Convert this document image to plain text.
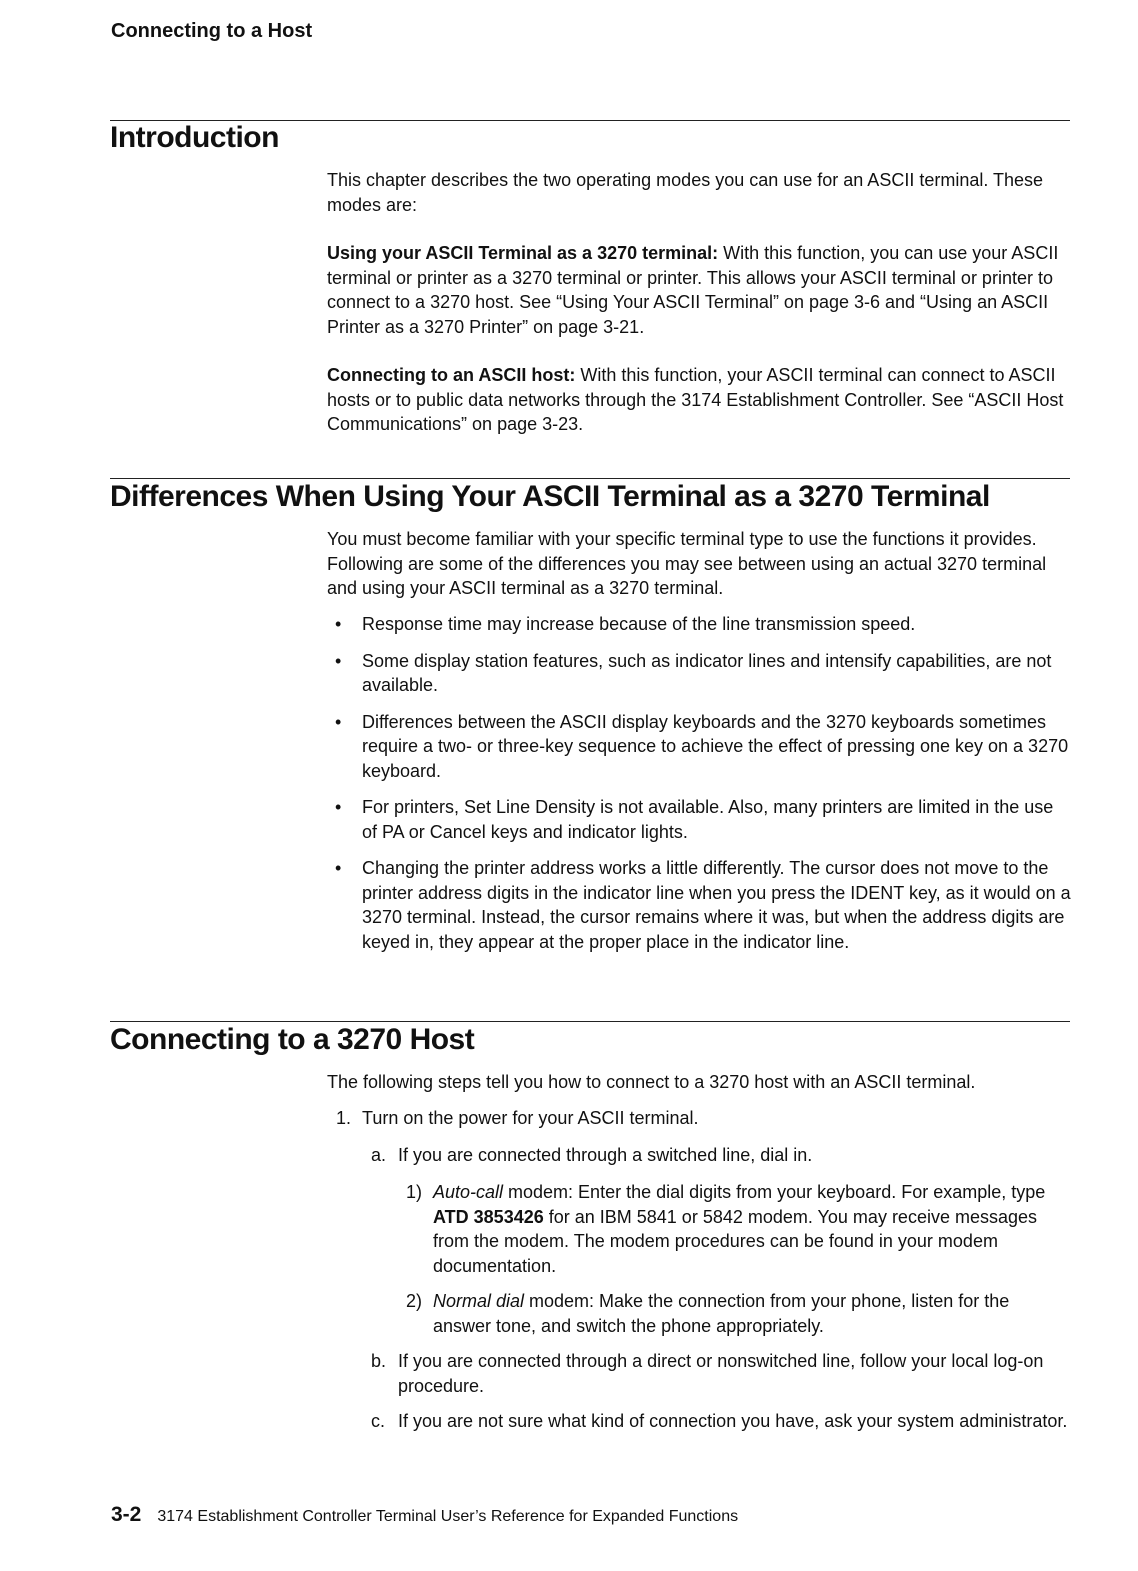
Connecting to a Host
Introduction

This chapter describes the two operating modes you can use for an ASCII terminal. These modes are:

Using your ASCII Terminal as a 3270 terminal: With this function, you can use your ASCII terminal or printer as a 3270 terminal or printer. This allows your ASCII terminal or printer to connect to a 3270 host. See “Using Your ASCII Terminal” on page 3-6 and “Using an ASCII Printer as a 3270 Printer” on page 3-21.

Connecting to an ASCII host: With this function, your ASCII terminal can connect to ASCII hosts or to public data networks through the 3174 Establishment Controller. See “ASCII Host Communications” on page 3-23.

Differences When Using Your ASCII Terminal as a 3270 Terminal
You must become familiar with your specific terminal type to use the functions it provides. Following are some of the differences you may see between using an actual 3270 terminal and using your ASCII terminal as a 3270 terminal.
• Response time may increase because of the line transmission speed.
• Some display station features, such as indicator lines and intensify capabilities, are not available.
• Differences between the ASCII display keyboards and the 3270 keyboards sometimes require a two- or three-key sequence to achieve the effect of pressing one key on a 3270 keyboard.
• For printers, Set Line Density is not available. Also, many printers are limited in the use of PA or Cancel keys and indicator lights.
• Changing the printer address works a little differently. The cursor does not move to the printer address digits in the indicator line when you press the IDENT key, as it would on a 3270 terminal. Instead, the cursor remains where it was, but when the address digits are keyed in, they appear at the proper place in the indicator line.
Connecting to a 3270 Host
The following steps tell you how to connect to a 3270 host with an ASCII terminal.
1. Turn on the power for your ASCII terminal.
a. If you are connected through a switched line, dial in.
1) Auto-call modem: Enter the dial digits from your keyboard. For example, type ATD 3853426 for an IBM 5841 or 5842 modem. You may receive messages from the modem. The modem procedures can be found in your modem documentation.
2) Normal dial modem: Make the connection from your phone, listen for the answer tone, and switch the phone appropriately.
b. If you are connected through a direct or nonswitched line, follow your local log-on procedure.
c. If you are not sure what kind of connection you have, ask your system administrator.
3-2 3174 Establishment Controller Terminal User’s Reference for Expanded Functions
